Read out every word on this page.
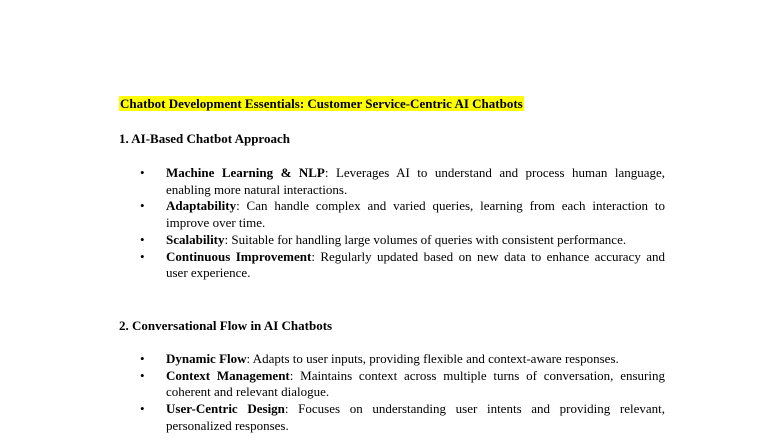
Chatbot Development Essentials: Customer Service-Centric AI Chatbots
1. AI-Based Chatbot Approach
• Machine Learning & NLP: Leverages AI to understand and process human language, enabling more natural interactions.
• Adaptability: Can handle complex and varied queries, learning from each interaction to improve over time.
• Scalability: Suitable for handling large volumes of queries with consistent performance.
• Continuous Improvement: Regularly updated based on new data to enhance accuracy and user experience.
2. Conversational Flow in AI Chatbots
• Dynamic Flow: Adapts to user inputs, providing flexible and context-aware responses.
• Context Management: Maintains context across multiple turns of conversation, ensuring coherent and relevant dialogue.
• User-Centric Design: Focuses on understanding user intents and providing relevant, personalized responses.
